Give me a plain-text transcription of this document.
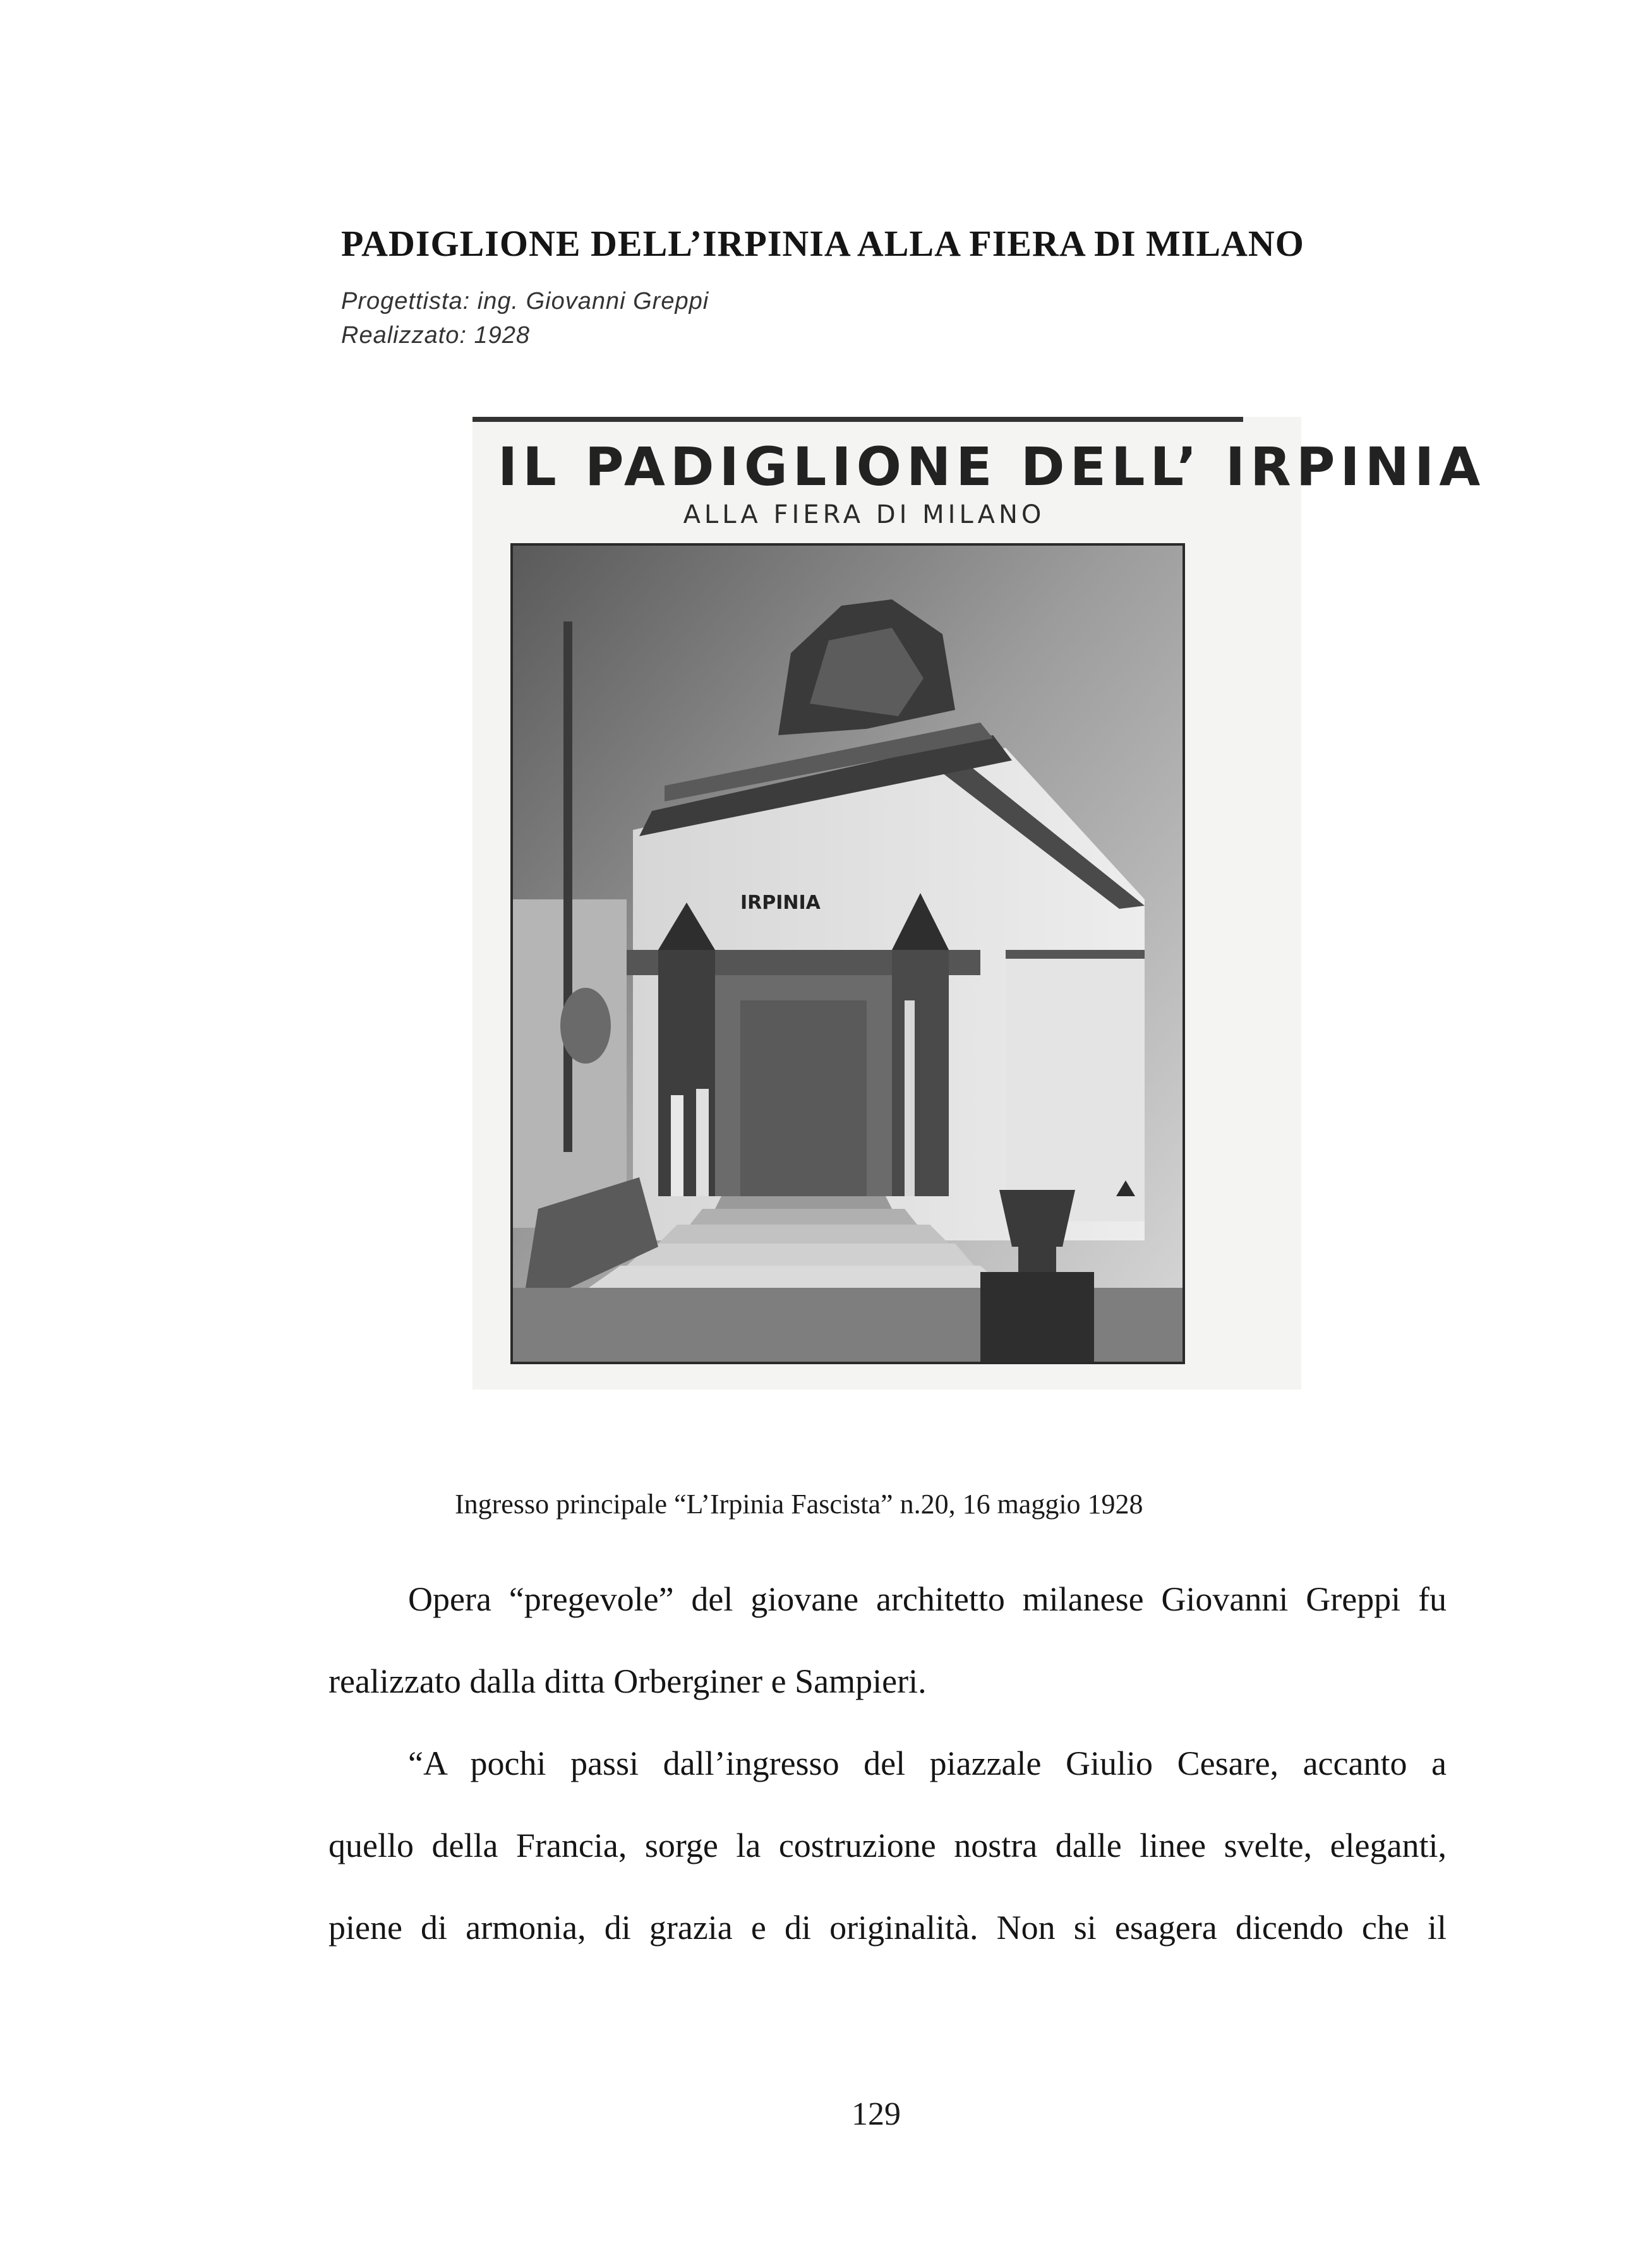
PADIGLIONE DELL’IRPINIA ALLA FIERA DI MILANO
Progettista: ing. Giovanni Greppi
Realizzato: 1928
IL PADIGLIONE DELL’ IRPINIA
ALLA FIERA DI MILANO
IRPINIA
Ingresso principale “L’Irpinia Fascista” n.20, 16 maggio 1928
Opera “pregevole” del giovane architetto milanese Giovanni Greppi fu
realizzato dalla ditta Orberginer e Sampieri.
“A pochi passi dall’ingresso del piazzale Giulio Cesare, accanto a
quello della Francia, sorge la costruzione nostra dalle linee svelte, eleganti,
piene di armonia, di grazia e di originalità. Non si esagera dicendo che il
129
